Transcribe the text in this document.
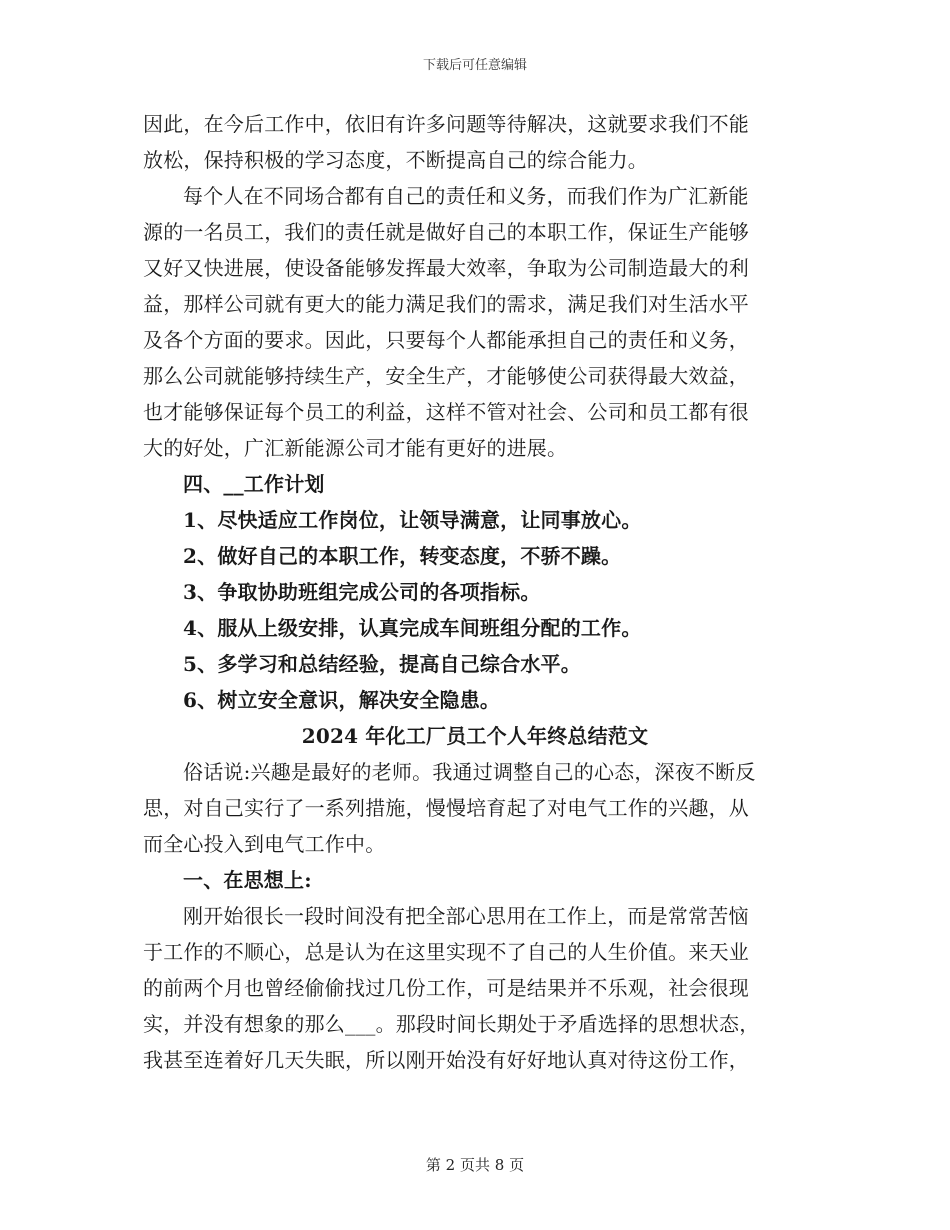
下载后可任意编辑
因此，在今后工作中，依旧有许多问题等待解决，这就要求我们不能
放松，保持积极的学习态度，不断提高自己的综合能力。
每个人在不同场合都有自己的责任和义务，而我们作为广汇新能
源的一名员工，我们的责任就是做好自己的本职工作，保证生产能够
又好又快进展，使设备能够发挥最大效率，争取为公司制造最大的利
益，那样公司就有更大的能力满足我们的需求，满足我们对生活水平
及各个方面的要求。因此，只要每个人都能承担自己的责任和义务，
那么公司就能够持续生产，安全生产，才能够使公司获得最大效益，
也才能够保证每个员工的利益，这样不管对社会、公司和员工都有很
大的好处，广汇新能源公司才能有更好的进展。
四、__工作计划
1、尽快适应工作岗位，让领导满意，让同事放心。
2、做好自己的本职工作，转变态度，不骄不躁。
3、争取协助班组完成公司的各项指标。
4、服从上级安排，认真完成车间班组分配的工作。
5、多学习和总结经验，提高自己综合水平。
6、树立安全意识，解决安全隐患。
2024 年化工厂员工个人年终总结范文
俗话说:兴趣是最好的老师。我通过调整自己的心态，深夜不断反
思，对自己实行了一系列措施，慢慢培育起了对电气工作的兴趣，从
而全心投入到电气工作中。
一、在思想上:
刚开始很长一段时间没有把全部心思用在工作上，而是常常苦恼
于工作的不顺心，总是认为在这里实现不了自己的人生价值。来天业
的前两个月也曾经偷偷找过几份工作，可是结果并不乐观，社会很现
实，并没有想象的那么___。那段时间长期处于矛盾选择的思想状态，
我甚至连着好几天失眠，所以刚开始没有好好地认真对待这份工作，
第 2 页共 8 页
